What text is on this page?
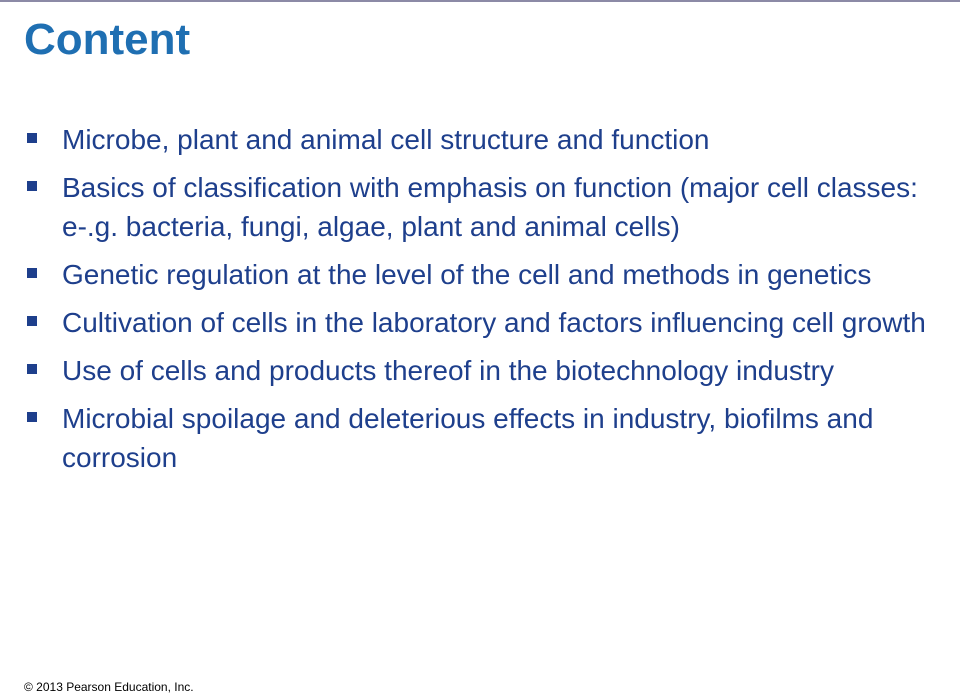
Content
Microbe, plant and animal cell structure and function
Basics of classification with emphasis on function (major cell classes: e-.g. bacteria, fungi, algae, plant and animal cells)
Genetic regulation at the level of the cell and methods in genetics
Cultivation of cells in the laboratory and factors influencing cell growth
Use of cells and products thereof in the biotechnology industry
Microbial spoilage and deleterious effects in industry, biofilms and corrosion
© 2013 Pearson Education, Inc.
